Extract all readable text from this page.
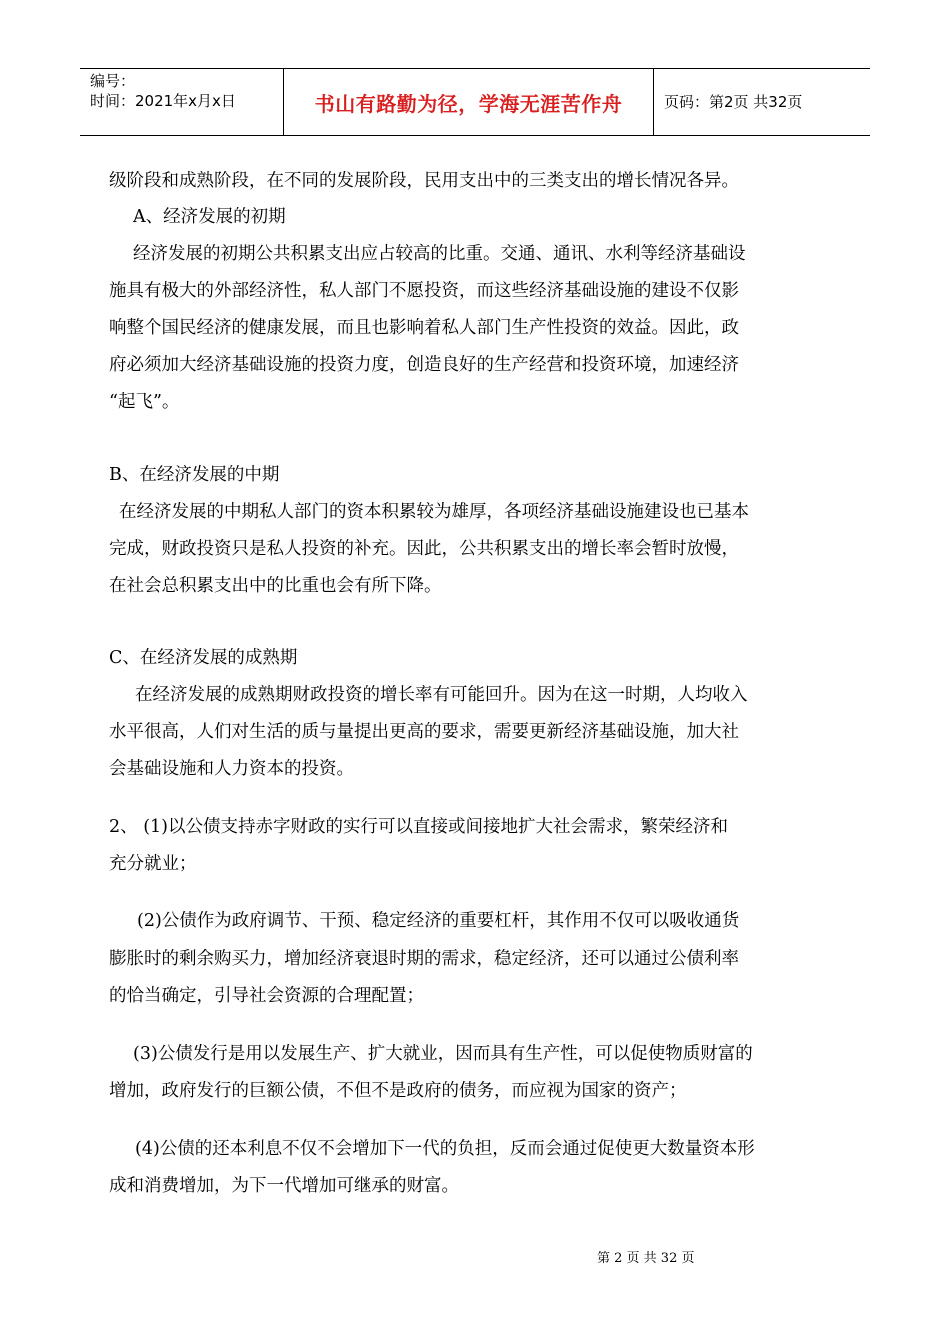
编号：
时间：2021年x月x日	书山有路勤为径，学海无涯苦作舟	页码：第2页 共32页
级阶段和成熟阶段，在不同的发展阶段，民用支出中的三类支出的增长情况各异。
A、经济发展的初期
经济发展的初期公共积累支出应占较高的比重。交通、通讯、水利等经济基础设
施具有极大的外部经济性，私人部门不愿投资，而这些经济基础设施的建设不仅影
响整个国民经济的健康发展，而且也影响着私人部门生产性投资的效益。因此，政
府必须加大经济基础设施的投资力度，创造良好的生产经营和投资环境，加速经济
“起飞”。
B、在经济发展的中期
在经济发展的中期私人部门的资本积累较为雄厚，各项经济基础设施建设也已基本
完成，财政投资只是私人投资的补充。因此，公共积累支出的增长率会暂时放慢，
在社会总积累支出中的比重也会有所下降。
C、在经济发展的成熟期
在经济发展的成熟期财政投资的增长率有可能回升。因为在这一时期，人均收入
水平很高，人们对生活的质与量提出更高的要求，需要更新经济基础设施，加大社
会基础设施和人力资本的投资。
2、 (1)以公债支持赤字财政的实行可以直接或间接地扩大社会需求，繁荣经济和
充分就业；
(2)公债作为政府调节、干预、稳定经济的重要杠杆，其作用不仅可以吸收通货
膨胀时的剩余购买力，增加经济衰退时期的需求，稳定经济，还可以通过公债利率
的恰当确定，引导社会资源的合理配置；
(3)公债发行是用以发展生产、扩大就业，因而具有生产性，可以促使物质财富的
增加，政府发行的巨额公债，不但不是政府的债务，而应视为国家的资产；
(4)公债的还本利息不仅不会增加下一代的负担，反而会通过促使更大数量资本形
成和消费增加，为下一代增加可继承的财富。
第 2 页 共 32 页
